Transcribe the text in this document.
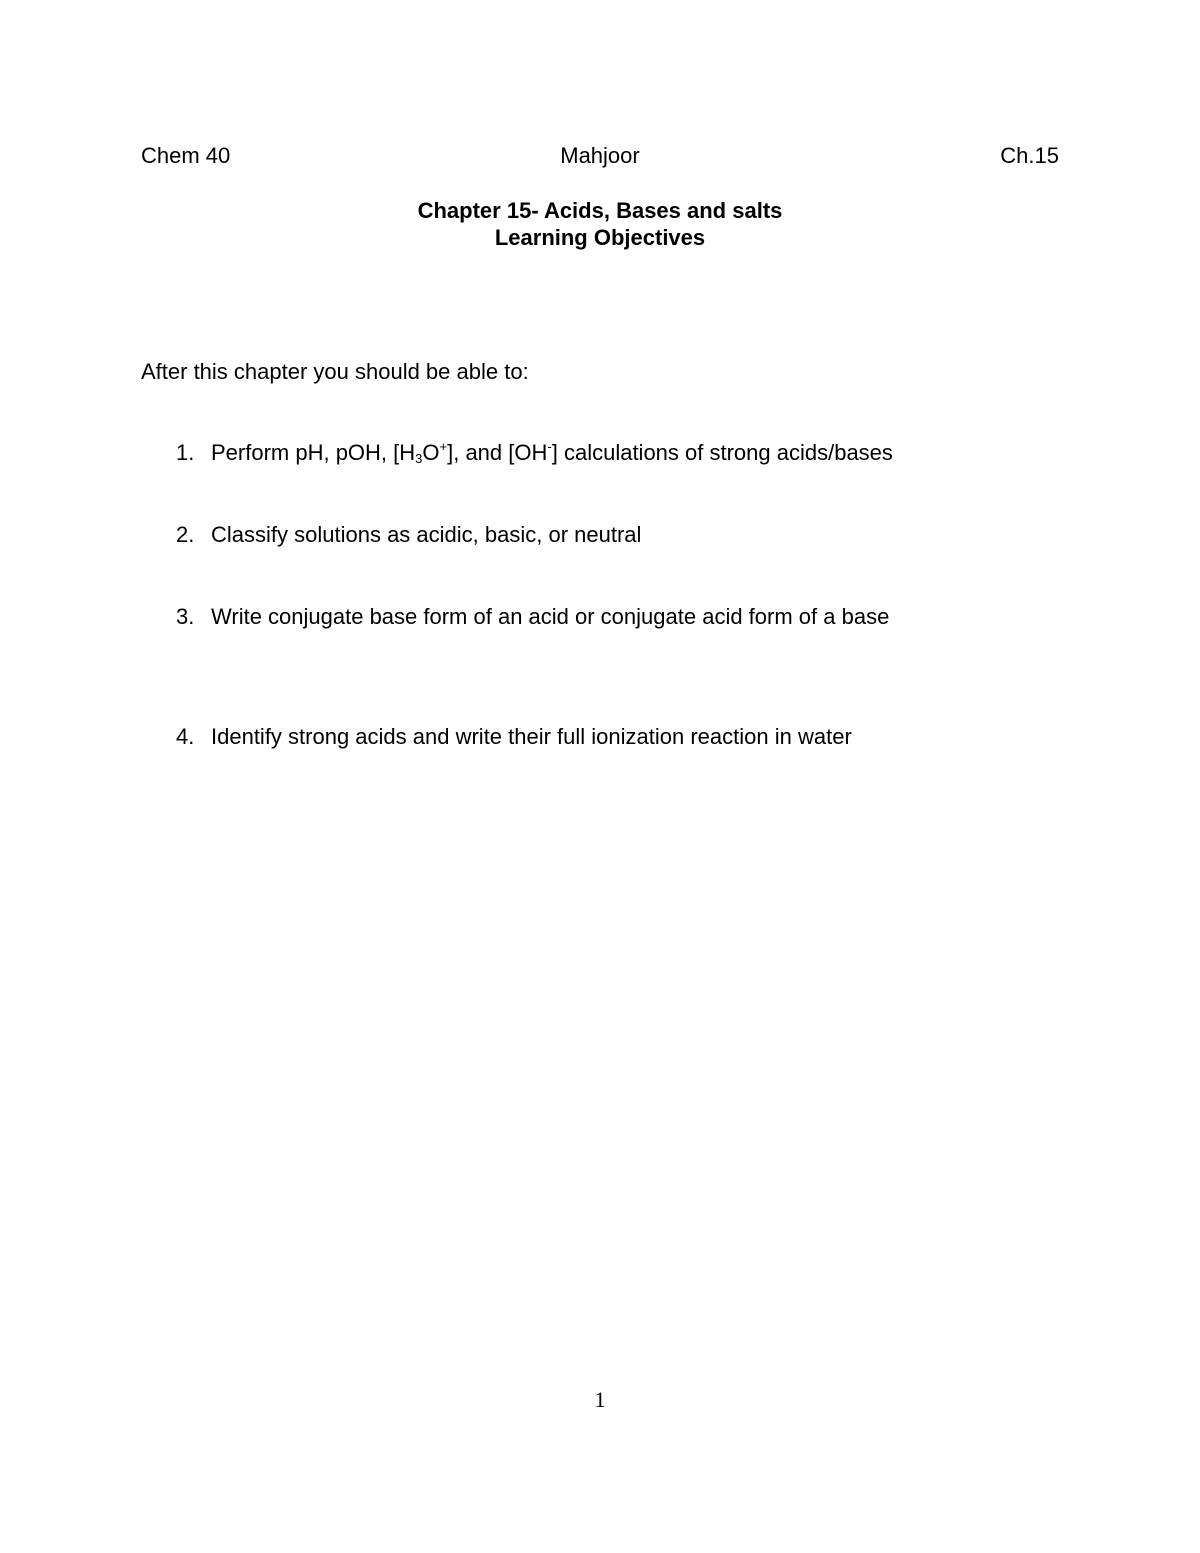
Chem 40	Mahjoor	Ch.15
Chapter 15- Acids, Bases and salts
Learning Objectives
After this chapter you should be able to:
1. Perform pH, pOH, $[H_3O^+]$, and [OH-] calculations of strong acids/bases
2. Classify solutions as acidic, basic, or neutral
3. Write conjugate base form of an acid or conjugate acid form of a base
4. Identify strong acids and write their full ionization reaction in water
1
